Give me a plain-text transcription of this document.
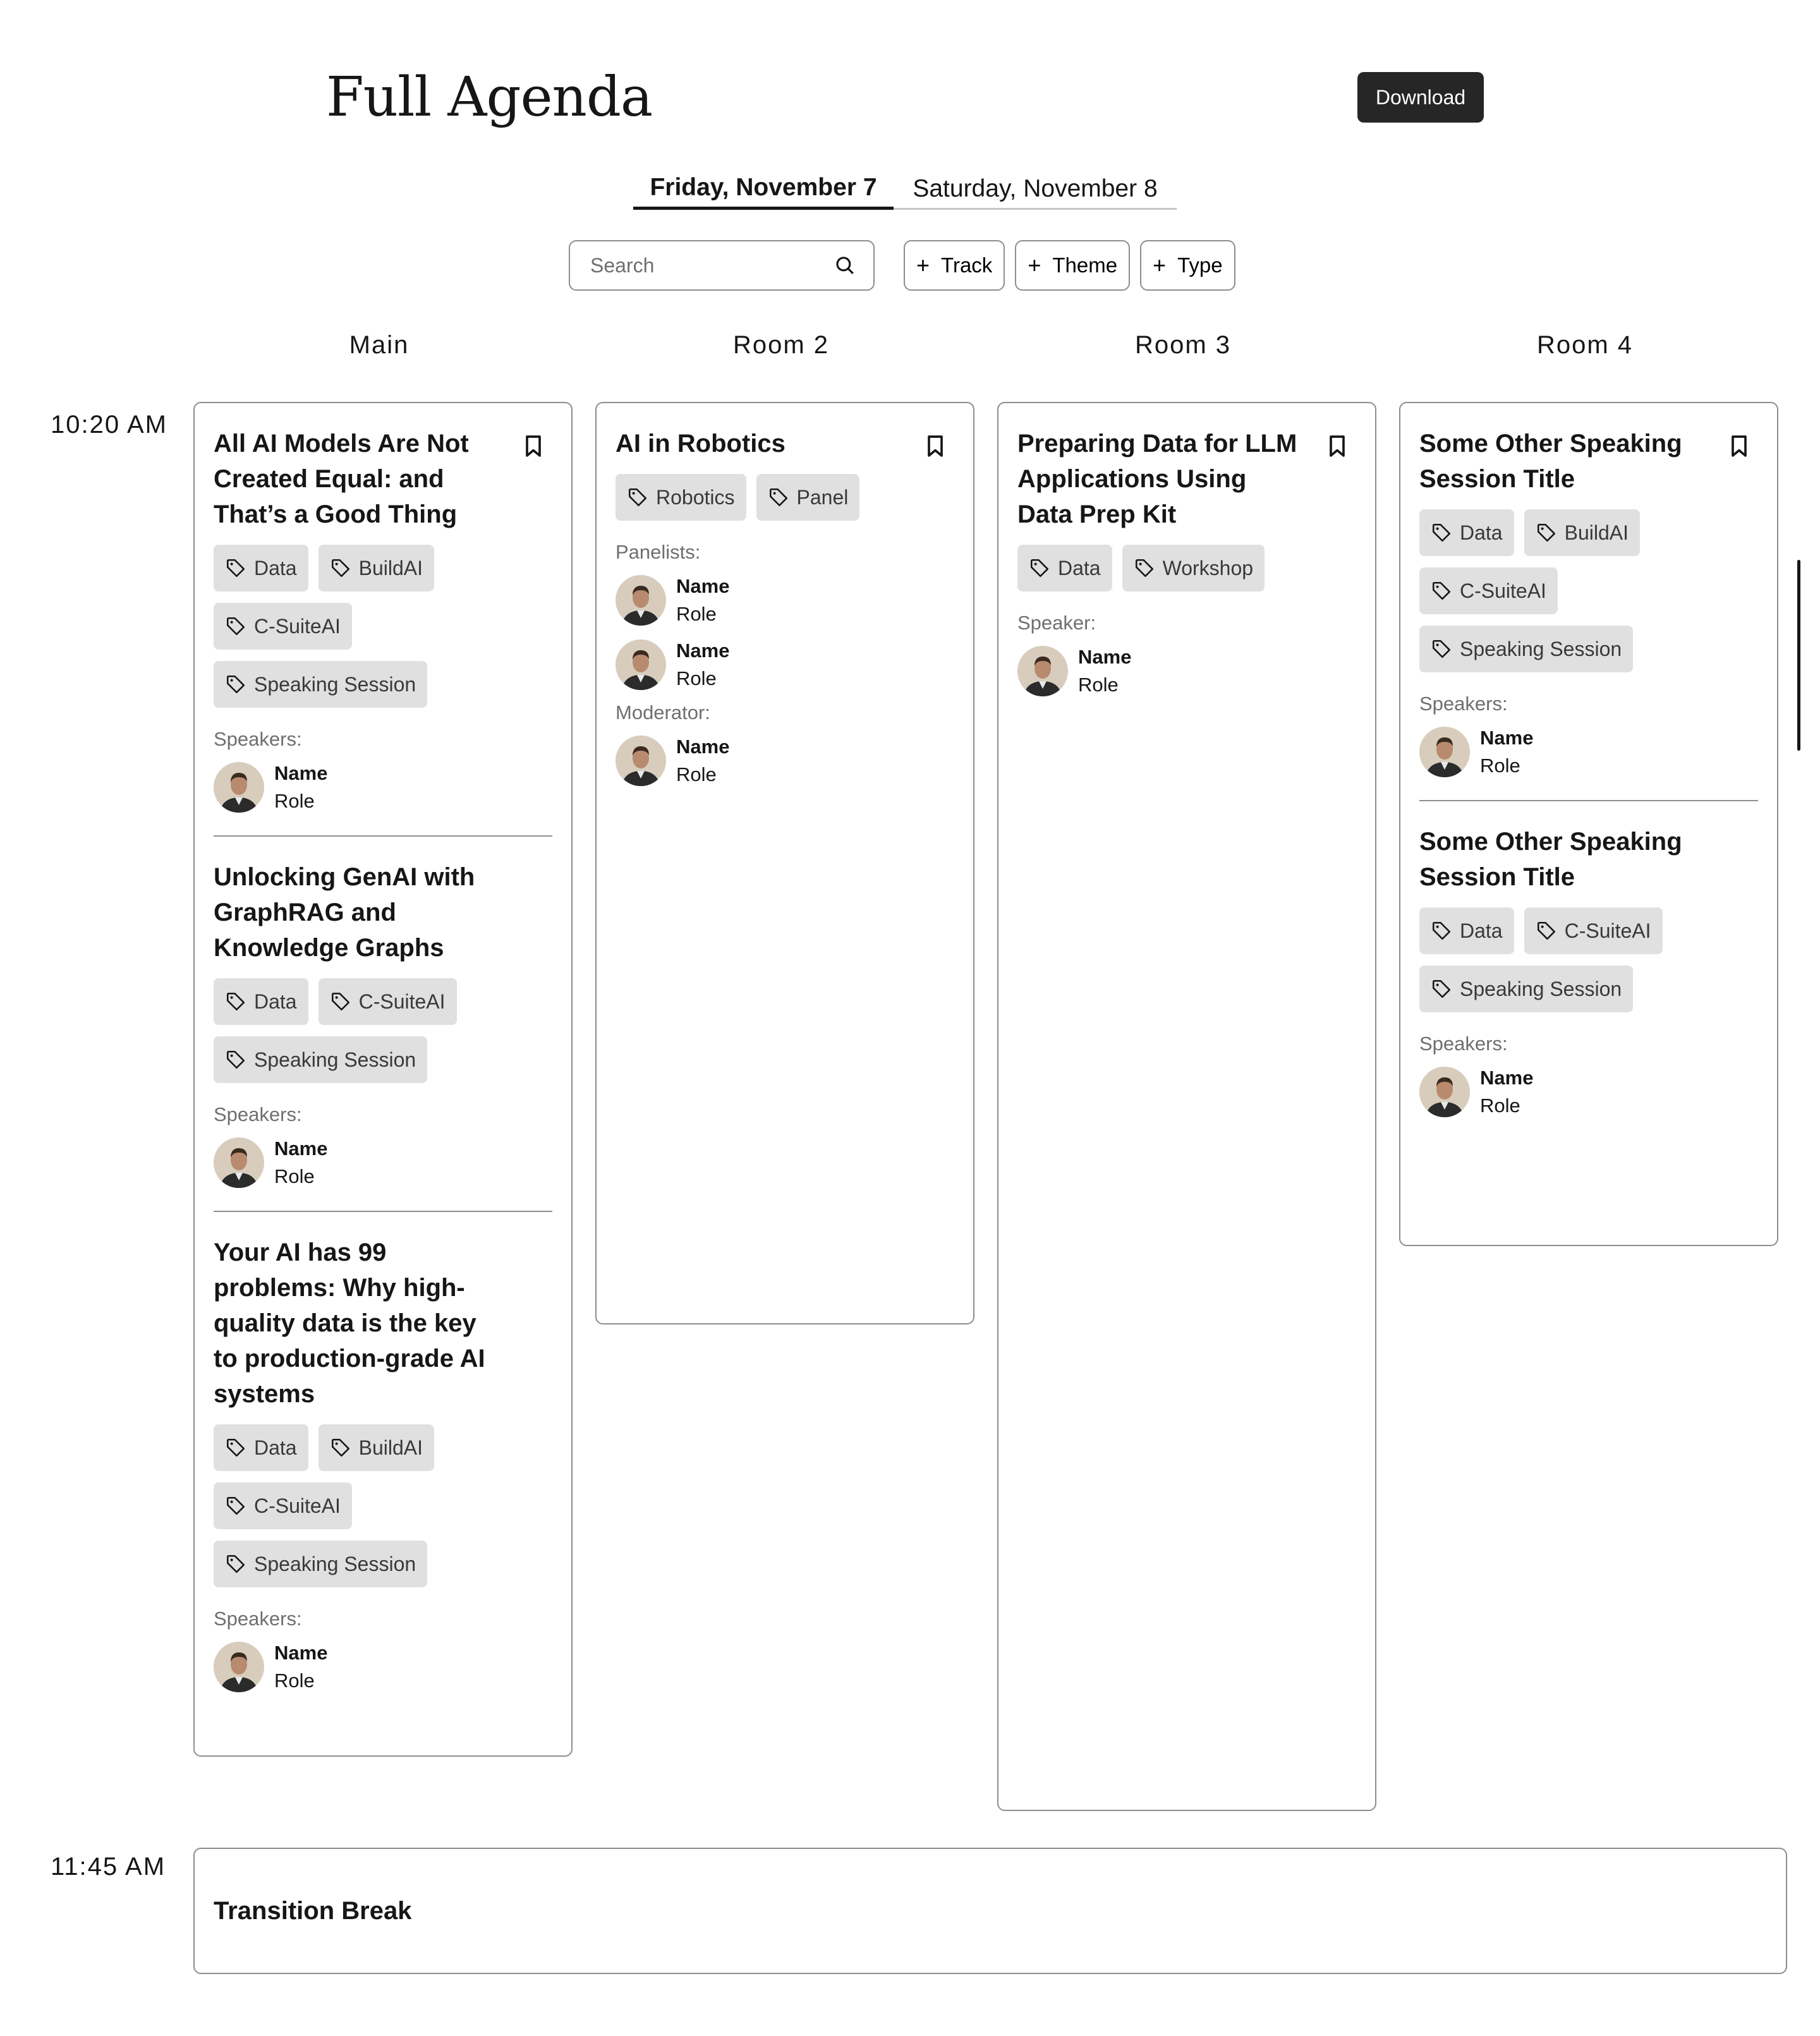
Full Agenda	Download
Friday, November 7	Saturday, November 8
Search
+ Track + Theme + Type
Main	Room 2	Room 3	Room 4
10:20 AM
11:45 AM
All AI Models Are Not Created Equal: and That’s a Good Thing
Data	BuildAI
C-SuiteAI
Speaking Session
Speakers:
Name
Role
Unlocking GenAI with GraphRAG and Knowledge Graphs
Data	C-SuiteAI
Speaking Session
Speakers:
Name
Role
Your AI has 99 problems: Why high-quality data is the key to production-grade AI systems
Data	BuildAI
C-SuiteAI
Speaking Session
Speakers:
Name
Role
AI in Robotics
Robotics	Panel
Panelists:
Name
Role
Name
Role
Moderator:
Name
Role
Preparing Data for LLM Applications Using Data Prep Kit
Data	Workshop
Speaker:
Name
Role
Some Other Speaking Session Title
Data	BuildAI
C-SuiteAI
Speaking Session
Speakers:
Name
Role
Some Other Speaking Session Title
Data	C-SuiteAI
Speaking Session
Speakers:
Name
Role
Transition Break
